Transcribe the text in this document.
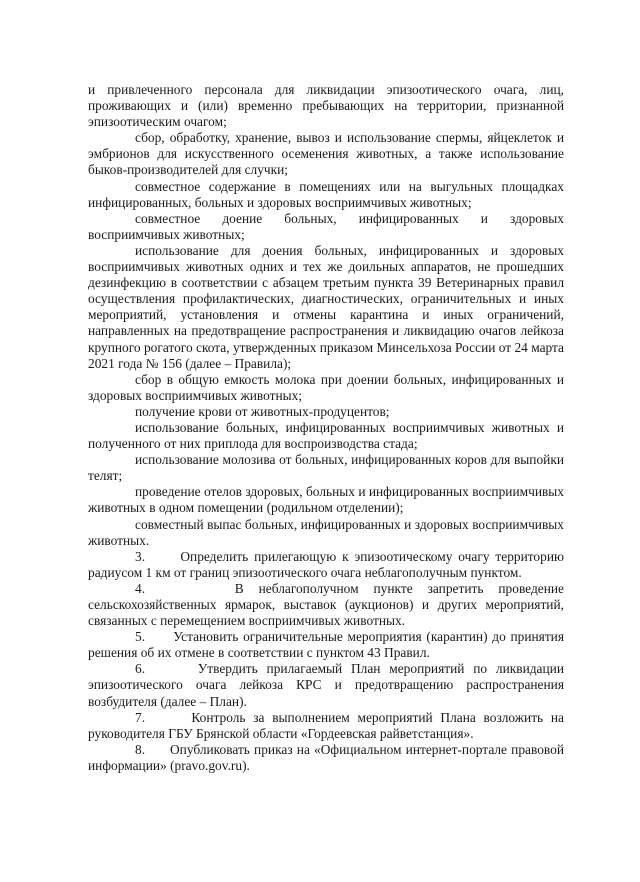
и привлеченного персонала для ликвидации эпизоотического очага, лиц, проживающих и (или) временно пребывающих на территории, признанной эпизоотическим очагом;

сбор, обработку, хранение, вывоз и использование спермы, яйцеклеток и эмбрионов для искусственного осеменения животных, а также использование быков-производителей для случки;

совместное содержание в помещениях или на выгульных площадках инфицированных, больных и здоровых восприимчивых животных;

совместное доение больных, инфицированных и здоровых восприимчивых животных;

использование для доения больных, инфицированных и здоровых восприимчивых животных одних и тех же доильных аппаратов, не прошедших дезинфекцию в соответствии с абзацем третьим пункта 39 Ветеринарных правил осуществления профилактических, диагностических, ограничительных и иных мероприятий, установления и отмены карантина и иных ограничений, направленных на предотвращение распространения и ликвидацию очагов лейкоза крупного рогатого скота, утвержденных приказом Минсельхоза России от 24 марта 2021 года № 156 (далее – Правила);

сбор в общую емкость молока при доении больных, инфицированных и здоровых восприимчивых животных;

получение крови от животных-продуцентов;

использование больных, инфицированных восприимчивых животных и полученного от них приплода для воспроизводства стада;

использование молозива от больных, инфицированных коров для выпойки телят;

проведение отелов здоровых, больных и инфицированных восприимчивых животных в одном помещении (родильном отделении);

совместный выпас больных, инфицированных и здоровых восприимчивых животных.

3.      Определить прилегающую к эпизоотическому очагу территорию радиусом 1 км от границ эпизоотического очага неблагополучным пунктом.

4.      В неблагополучном пункте запретить проведение сельскохозяйственных ярмарок, выставок (аукционов) и других мероприятий, связанных с перемещением восприимчивых животных.

5.      Установить ограничительные мероприятия (карантин) до принятия решения об их отмене в соответствии с пунктом 43 Правил.

6.      Утвердить прилагаемый План мероприятий по ликвидации эпизоотического очага лейкоза КРС и предотвращению распространения возбудителя (далее – План).

7.      Контроль за выполнением мероприятий Плана возложить на руководителя ГБУ Брянской области «Гордеевская райветстанция».

8.      Опубликовать приказ на «Официальном интернет-портале правовой информации» (pravo.gov.ru).
